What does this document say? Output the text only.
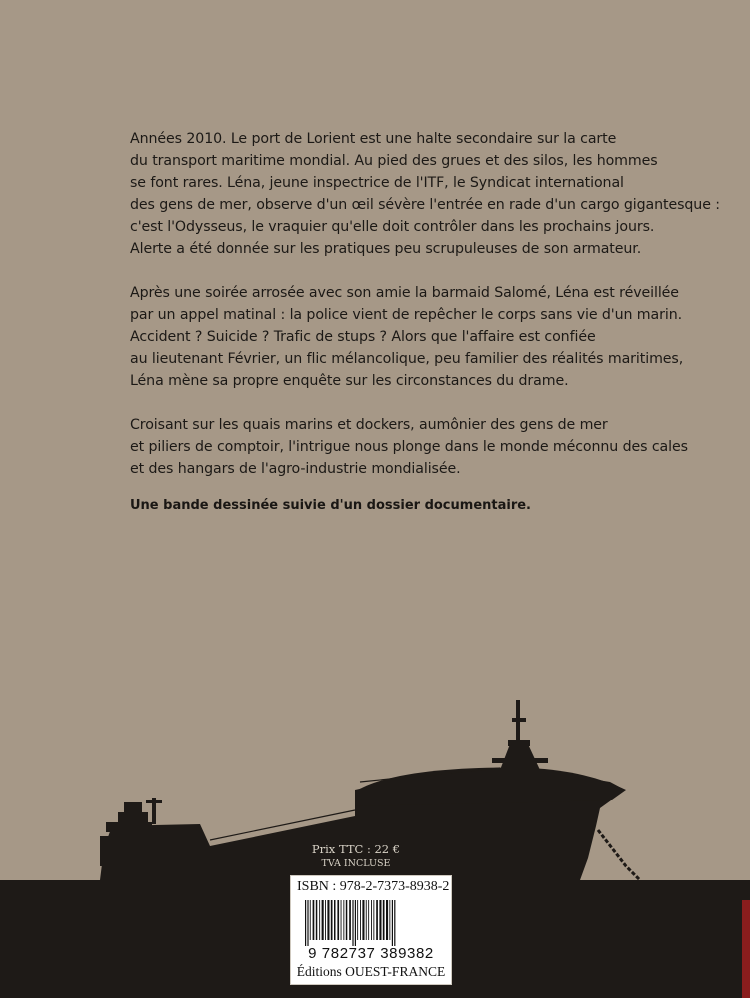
Années 2010. Le port de Lorient est une halte secondaire sur la carte
du transport maritime mondial. Au pied des grues et des silos, les hommes
se font rares. Léna, jeune inspectrice de l'ITF, le Syndicat international
des gens de mer, observe d'un œil sévère l'entrée en rade d'un cargo gigantesque :
c'est l'Odysseus, le vraquier qu'elle doit contrôler dans les prochains jours.
Alerte a été donnée sur les pratiques peu scrupuleuses de son armateur.

Après une soirée arrosée avec son amie la barmaid Salomé, Léna est réveillée
par un appel matinal : la police vient de repêcher le corps sans vie d'un marin.
Accident ? Suicide ? Trafic de stups ? Alors que l'affaire est confiée
au lieutenant Février, un flic mélancolique, peu familier des réalités maritimes,
Léna mène sa propre enquête sur les circonstances du drame.

Croisant sur les quais marins et dockers, aumônier des gens de mer
et piliers de comptoir, l'intrigue nous plonge dans le monde méconnu des cales
et des hangars de l'agro-industrie mondialisée.

Une bande dessinée suivie d'un dossier documentaire.
Prix TTC : 22 €
TVA INCLUSE
ISBN : 978-2-7373-8938-2
9 782737 389382
Éditions OUEST-FRANCE
